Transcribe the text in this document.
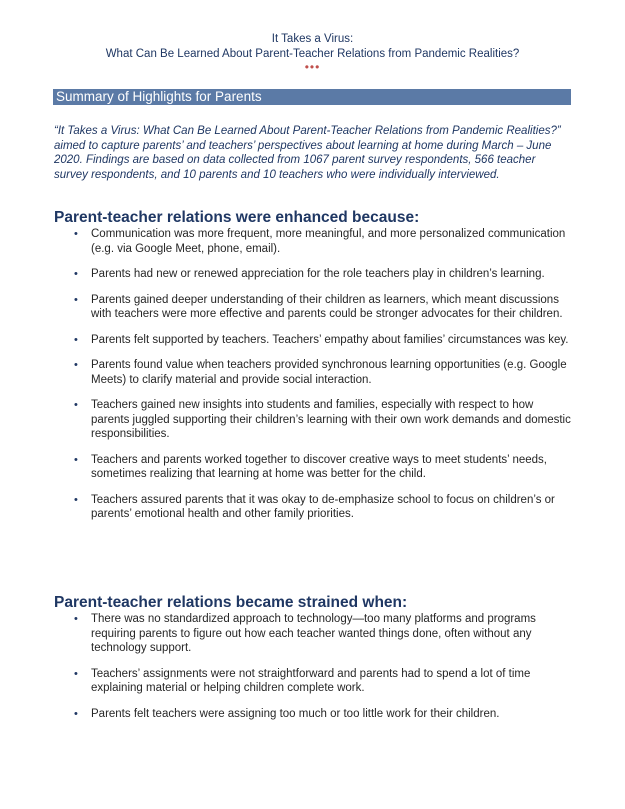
It Takes a Virus:
What Can Be Learned About Parent-Teacher Relations from Pandemic Realities?
•••
Summary of Highlights for Parents
“It Takes a Virus: What Can Be Learned About Parent-Teacher Relations from Pandemic Realities?” aimed to capture parents’ and teachers’ perspectives about learning at home during March – June 2020. Findings are based on data collected from 1067 parent survey respondents, 566 teacher survey respondents, and 10 parents and 10 teachers who were individually interviewed.
Parent-teacher relations were enhanced because:
• Communication was more frequent, more meaningful, and more personalized communication (e.g. via Google Meet, phone, email).
• Parents had new or renewed appreciation for the role teachers play in children’s learning.
• Parents gained deeper understanding of their children as learners, which meant discussions with teachers were more effective and parents could be stronger advocates for their children.
• Parents felt supported by teachers. Teachers’ empathy about families’ circumstances was key.
• Parents found value when teachers provided synchronous learning opportunities (e.g. Google Meets) to clarify material and provide social interaction.
• Teachers gained new insights into students and families, especially with respect to how parents juggled supporting their children’s learning with their own work demands and domestic responsibilities.
• Teachers and parents worked together to discover creative ways to meet students’ needs, sometimes realizing that learning at home was better for the child.
• Teachers assured parents that it was okay to de-emphasize school to focus on children’s or parents’ emotional health and other family priorities.
Parent-teacher relations became strained when:
• There was no standardized approach to technology—too many platforms and programs requiring parents to figure out how each teacher wanted things done, often without any technology support.
• Teachers’ assignments were not straightforward and parents had to spend a lot of time explaining material or helping children complete work.
• Parents felt teachers were assigning too much or too little work for their children.
